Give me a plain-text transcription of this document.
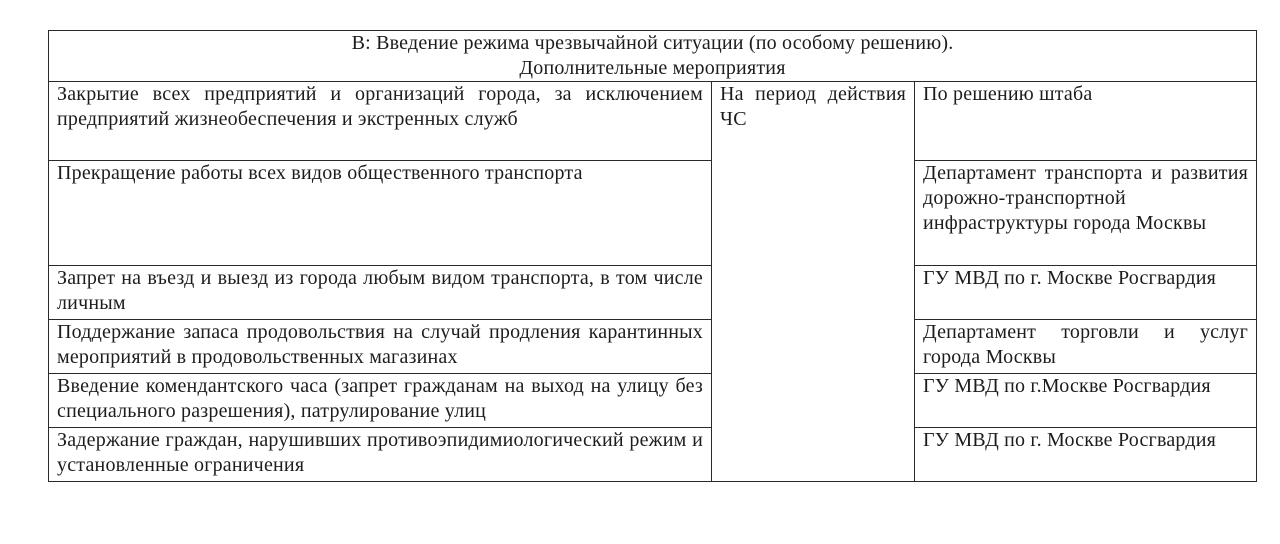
В: Введение режима чрезвычайной ситуации (по особому решению).
Дополнительные мероприятия		

Закрытие всех предприятий и организаций города, за исключением предприятий жизнеобеспечения и экстренных служб	На период действия ЧС	По решению штаба
Прекращение работы всех видов общественного транспорта		Департамент транспорта и развития дорожно-транспортной инфраструктуры города Москвы
Запрет на въезд и выезд из города любым видом транспорта, в том числе личным		ГУ МВД по г. Москве Росгвардия
Поддержание запаса продовольствия на случай продления карантинных мероприятий в продовольственных магазинах		Департамент торговли и услуг города Москвы
Введение комендантского часа (запрет гражданам на выход на улицу без специального разрешения), патрулирование улиц		ГУ МВД по г.Москве Росгвардия
Задержание граждан, нарушивших противоэпидимиологический режим и установленные ограничения		ГУ МВД по г. Москве Росгвардия
